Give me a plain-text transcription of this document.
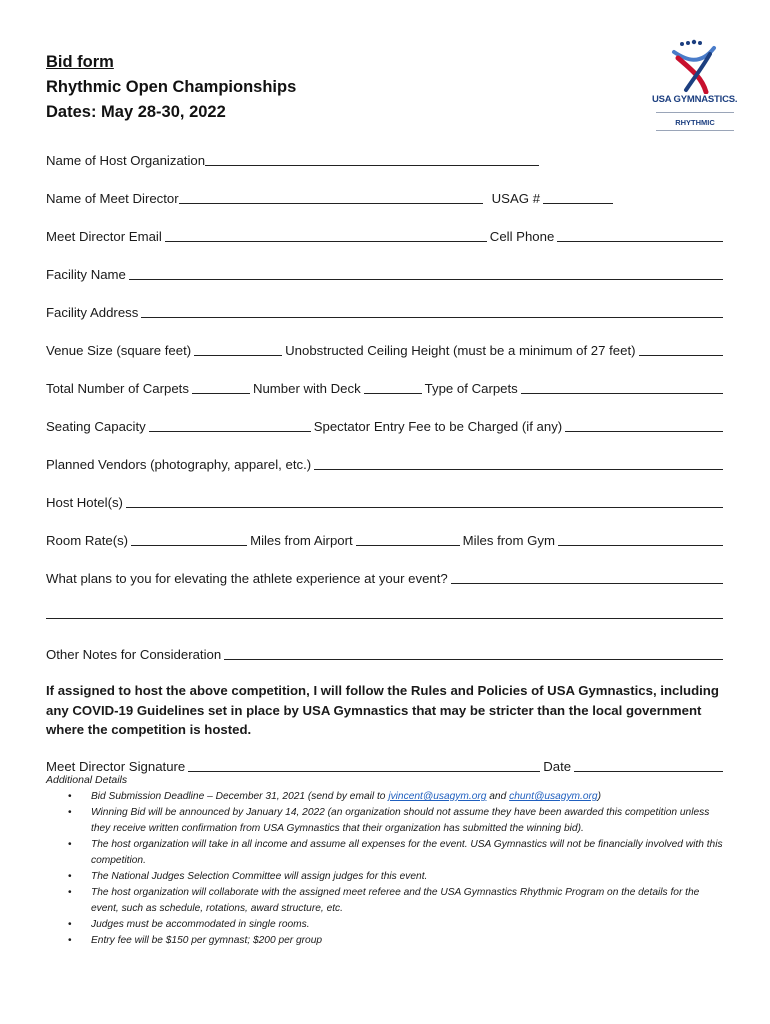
Bid form
Rhythmic Open Championships
Dates: May 28-30, 2022
USA GYMNASTICS.
RHYTHMIC
Name of Host Organization
Name of Meet Director	USAG #
Meet Director Email	Cell Phone
Facility Name
Facility Address
Venue Size (square feet)	Unobstructed Ceiling Height (must be a minimum of 27 feet)
Total Number of Carpets	Number with Deck	Type of Carpets
Seating Capacity	Spectator Entry Fee to be Charged (if any)
Planned Vendors (photography, apparel, etc.)
Host Hotel(s)
Room Rate(s)	Miles from Airport	Miles from Gym
What plans to you for elevating the athlete experience at your event?
Other Notes for Consideration
If assigned to host the above competition, I will follow the Rules and Policies of USA Gymnastics, including any COVID-19 Guidelines set in place by USA Gymnastics that may be stricter than the local government where the competition is hosted.
Meet Director Signature	Date
Additional Details
• Bid Submission Deadline – December 31, 2021 (send by email to jvincent@usagym.org and chunt@usagym.org)
• Winning Bid will be announced by January 14, 2022 (an organization should not assume they have been awarded this competition unless they receive written confirmation from USA Gymnastics that their organization has submitted the winning bid).
• The host organization will take in all income and assume all expenses for the event. USA Gymnastics will not be financially involved with this competition.
• The National Judges Selection Committee will assign judges for this event.
• The host organization will collaborate with the assigned meet referee and the USA Gymnastics Rhythmic Program on the details for the event, such as schedule, rotations, award structure, etc.
• Judges must be accommodated in single rooms.
• Entry fee will be $150 per gymnast; $200 per group
